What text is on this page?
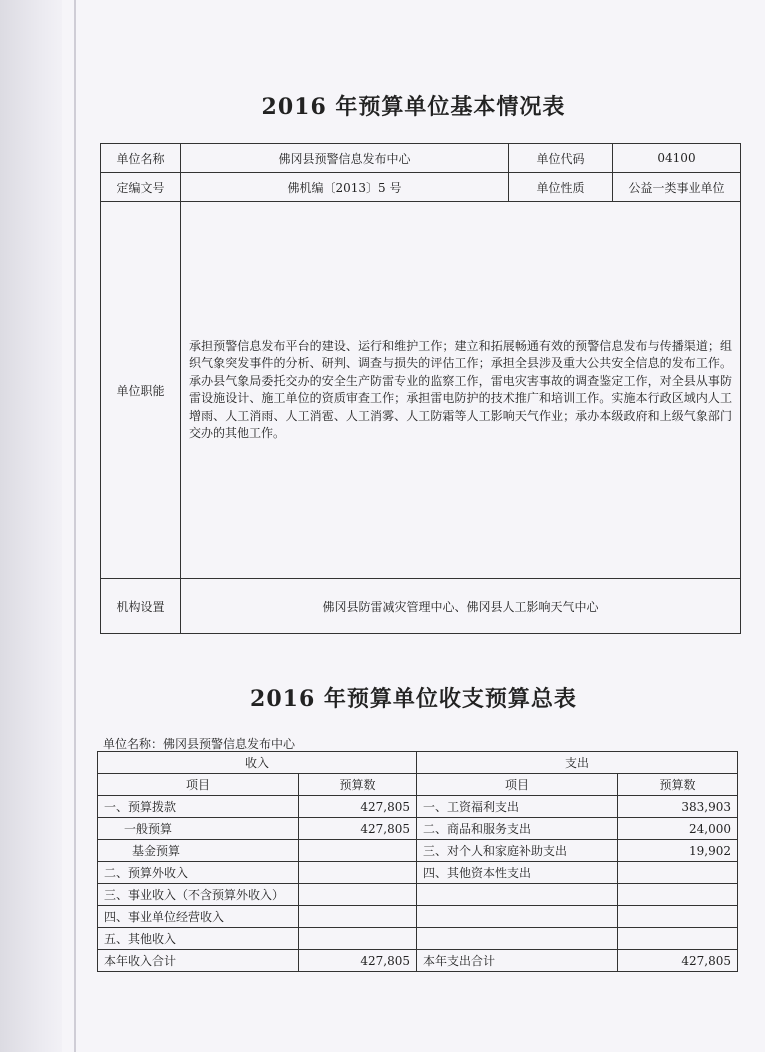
2016 年预算单位基本情况表
单位名称	佛冈县预警信息发布中心	单位代码	04100
定编文号	佛机编〔2013〕5 号	单位性质	公益一类事业单位
单位职能	承担预警信息发布平台的建设、运行和维护工作；建立和拓展畅通有效的预警信息发布与传播渠道；组织气象突发事件的分析、研判、调查与损失的评估工作；承担全县涉及重大公共安全信息的发布工作。承办县气象局委托交办的安全生产防雷专业的监察工作，雷电灾害事故的调查鉴定工作，对全县从事防雷设施设计、施工单位的资质审查工作；承担雷电防护的技术推广和培训工作。实施本行政区域内人工增雨、人工消雨、人工消雹、人工消雾、人工防霜等人工影响天气作业；承办本级政府和上级气象部门交办的其他工作。		
机构设置	佛冈县防雷减灾管理中心、佛冈县人工影响天气中心		
2016 年预算单位收支预算总表
单位名称：佛冈县预警信息发布中心
收入		支出	
项目	预算数	项目	预算数
一、预算拨款	427,805	一、工资福利支出	383,903
一般预算	427,805	二、商品和服务支出	24,000
基金预算		三、对个人和家庭补助支出	19,902
二、预算外收入		四、其他资本性支出	
三、事业收入（不含预算外收入）			
四、事业单位经营收入			
五、其他收入			
本年收入合计	427,805	本年支出合计	427,805
